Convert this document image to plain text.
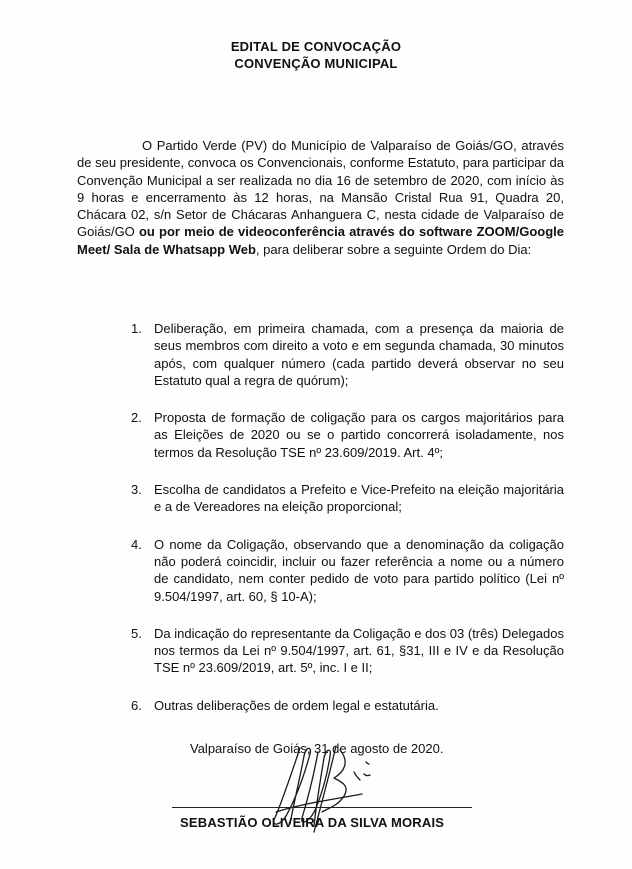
EDITAL DE CONVOCAÇÃO
CONVENÇÃO MUNICIPAL
O Partido Verde (PV) do Município de Valparaíso de Goiás/GO, através de seu presidente, convoca os Convencionais, conforme Estatuto, para participar da Convenção Municipal a ser realizada no dia 16 de setembro de 2020, com início às 9 horas e encerramento às 12 horas, na Mansão Cristal Rua 91, Quadra 20, Chácara 02, s/n Setor de Chácaras Anhanguera C, nesta cidade de Valparaíso de Goiás/GO ou por meio de videoconferência através do software ZOOM/Google Meet/ Sala de Whatsapp Web, para deliberar sobre a seguinte Ordem do Dia:
1. Deliberação, em primeira chamada, com a presença da maioria de seus membros com direito a voto e em segunda chamada, 30 minutos após, com qualquer número (cada partido deverá observar no seu Estatuto qual a regra de quórum);
2. Proposta de formação de coligação para os cargos majoritários para as Eleições de 2020 ou se o partido concorrerá isoladamente, nos termos da Resolução TSE nº 23.609/2019. Art. 4º;
3. Escolha de candidatos a Prefeito e Vice-Prefeito na eleição majoritária e a de Vereadores na eleição proporcional;
4. O nome da Coligação, observando que a denominação da coligação não poderá coincidir, incluir ou fazer referência a nome ou a número de candidato, nem conter pedido de voto para partido político (Lei nº 9.504/1997, art. 60, § 10-A);
5. Da indicação do representante da Coligação e dos 03 (três) Delegados nos termos da Lei nº 9.504/1997, art. 61, §31, III e IV e da Resolução TSE nº 23.609/2019, art. 5º, inc. I e II;
6. Outras deliberações de ordem legal e estatutária.
Valparaíso de Goiás, 31 de agosto de 2020.
SEBASTIÃO OLIVEIRA DA SILVA MORAIS
